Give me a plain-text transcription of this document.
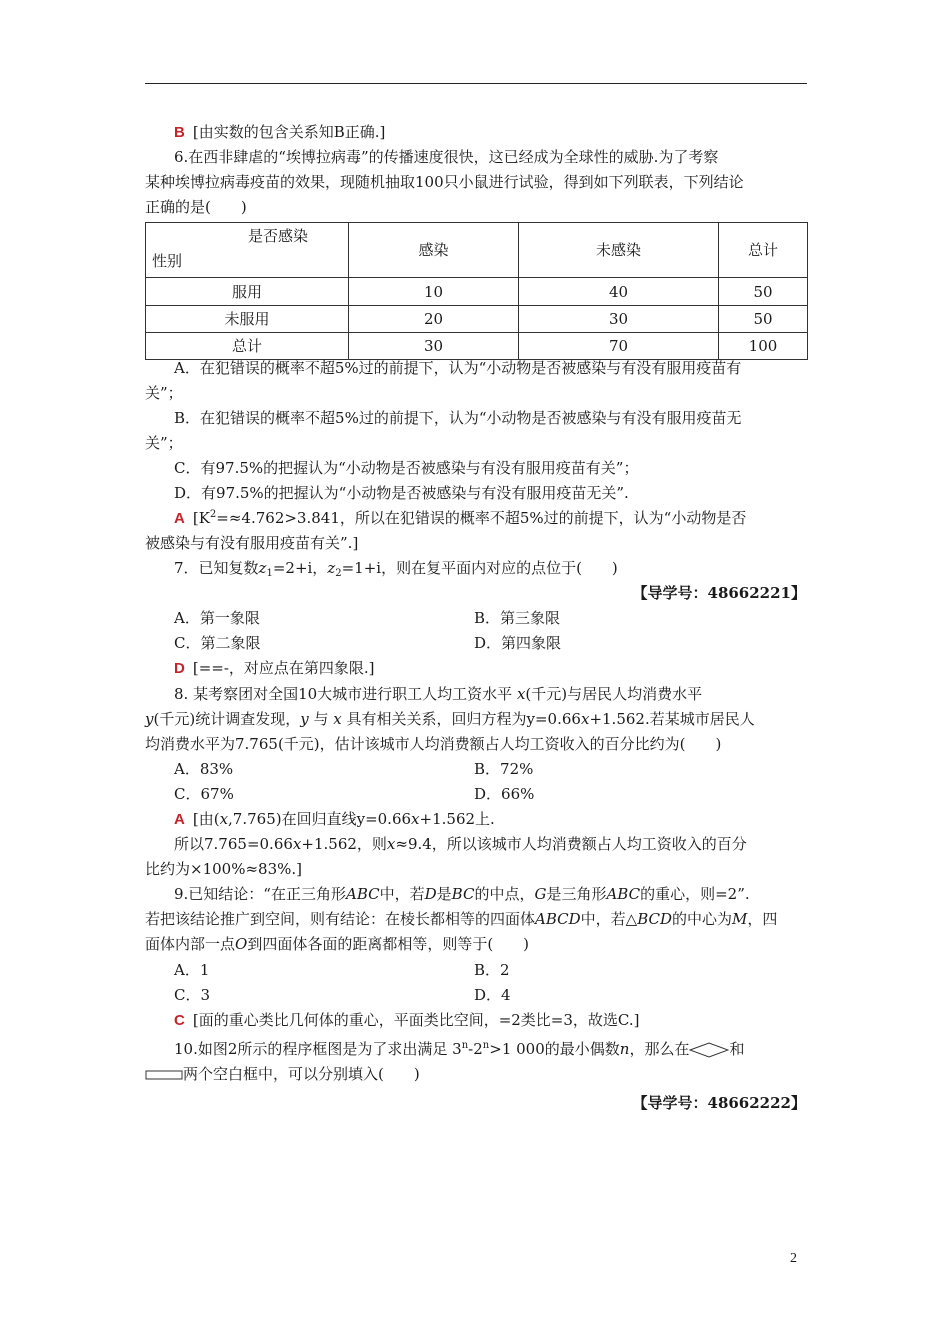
B [由实数的包含关系知B正确.]
6.在西非肆虐的“埃博拉病毒”的传播速度很快，这已经成为全球性的威胁.为了考察
某种埃博拉病毒疫苗的效果，现随机抽取100只小鼠进行试验，得到如下列联表，下列结论
正确的是(　　)
是否感染
性别	感染	未感染	总计
服用	10	40	50
未服用	20	30	50
总计	30	70	100
A．在犯错误的概率不超5%过的前提下，认为“小动物是否被感染与有没有服用疫苗有
关”；
B．在犯错误的概率不超5%过的前提下，认为“小动物是否被感染与有没有服用疫苗无
关”；
C．有97.5%的把握认为“小动物是否被感染与有没有服用疫苗有关”；
D．有97.5%的把握认为“小动物是否被感染与有没有服用疫苗无关”.
A [$K^2=\approx 4.762>3.841$，所以在犯错误的概率不超5%过的前提下，认为“小动物是否
被感染与有没有服用疫苗有关”.]
7．已知复数$z_1=2+i$，$z_2=1+i$，则在复平面内对应的点位于(　　)
【导学号：48662221】
A．第一象限	B．第三象限
C．第二象限	D．第四象限
D [==-，对应点在第四象限.]
8. 某考察团对全国10大城市进行职工人均工资水平 x(千元)与居民人均消费水平
y(千元)统计调查发现，y 与 x 具有相关关系，回归方程为y=0.66x+1.562.若某城市居民人
均消费水平为7.765(千元)，估计该城市人均消费额占人均工资收入的百分比约为(　　)
A．83%	B．72%
C．67%	D．66%
A [由(x,7.765)在回归直线y=0.66x+1.562上.
所以7.765=0.66x+1.562，则x≈9.4，所以该城市人均消费额占人均工资收入的百分
比约为×100%≈83%.]
9.已知结论：“在正三角形ABC中，若D是BC的中点，G是三角形ABC的重心，则=2”.
若把该结论推广到空间，则有结论：在棱长都相等的四面体ABCD中，若△BCD的中心为M，四
面体内部一点O到四面体各面的距离都相等，则等于(　　)
A．1	B．2
C．3	D．4
C [面的重心类比几何体的重心，平面类比空间，=2类比=3，故选C.]
10.如图2所示的程序框图是为了求出满足 $3^n-2^n>1$ 000的最小偶数n，那么在	和
两个空白框中，可以分别填入(　　)
【导学号：48662222】
2
